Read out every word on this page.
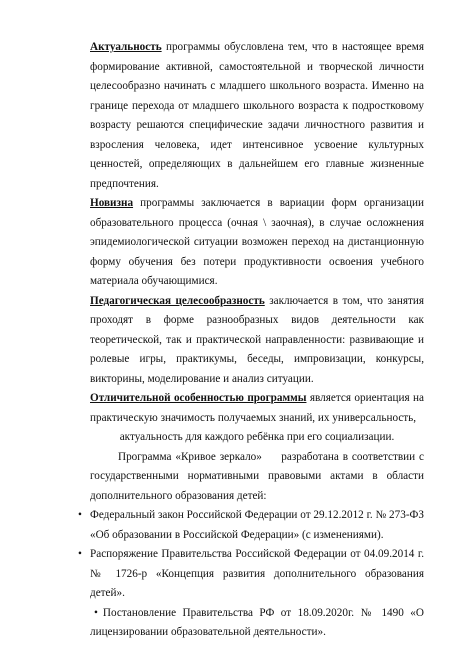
Актуальность программы обусловлена тем, что в настоящее время формирование активной, самостоятельной и творческой личности целесообразно начинать с младшего школьного возраста. Именно на границе перехода от младшего школьного возраста к подростковому возрасту решаются специфические задачи личностного развития и взросления человека, идет интенсивное усвоение культурных ценностей, определяющих в дальнейшем его главные жизненные предпочтения.

Новизна программы заключается в вариации форм организации образовательного процесса (очная \ заочная), в случае осложнения эпидемиологической ситуации возможен переход на дистанционную форму обучения без потери продуктивности освоения учебного материала обучающимися.

Педагогическая целесообразность заключается в том, что занятия проходят в форме разнообразных видов деятельности как теоретической, так и практической направленности: развивающие и ролевые игры, практикумы, беседы, импровизации, конкурсы, викторины, моделирование и анализ ситуации.

Отличительной особенностью программы является ориентация на практическую значимость получаемых знаний, их универсальность,

актуальность для каждого ребёнка при его социализации.

Программа «Кривое зеркало»     разработана в соответствии с государственными нормативными правовыми актами в области дополнительного образования детей:

• Федеральный закон Российской Федерации от 29.12.2012 г. № 273-ФЗ «Об образовании в Российской Федерации» (с изменениями).

• Распоряжение Правительства Российской Федерации от 04.09.2014 г. № 1726-р «Концепция развития дополнительного образования детей».

• Постановление Правительства РФ от 18.09.2020г. № 1490 «О лицензировании образовательной деятельности».
